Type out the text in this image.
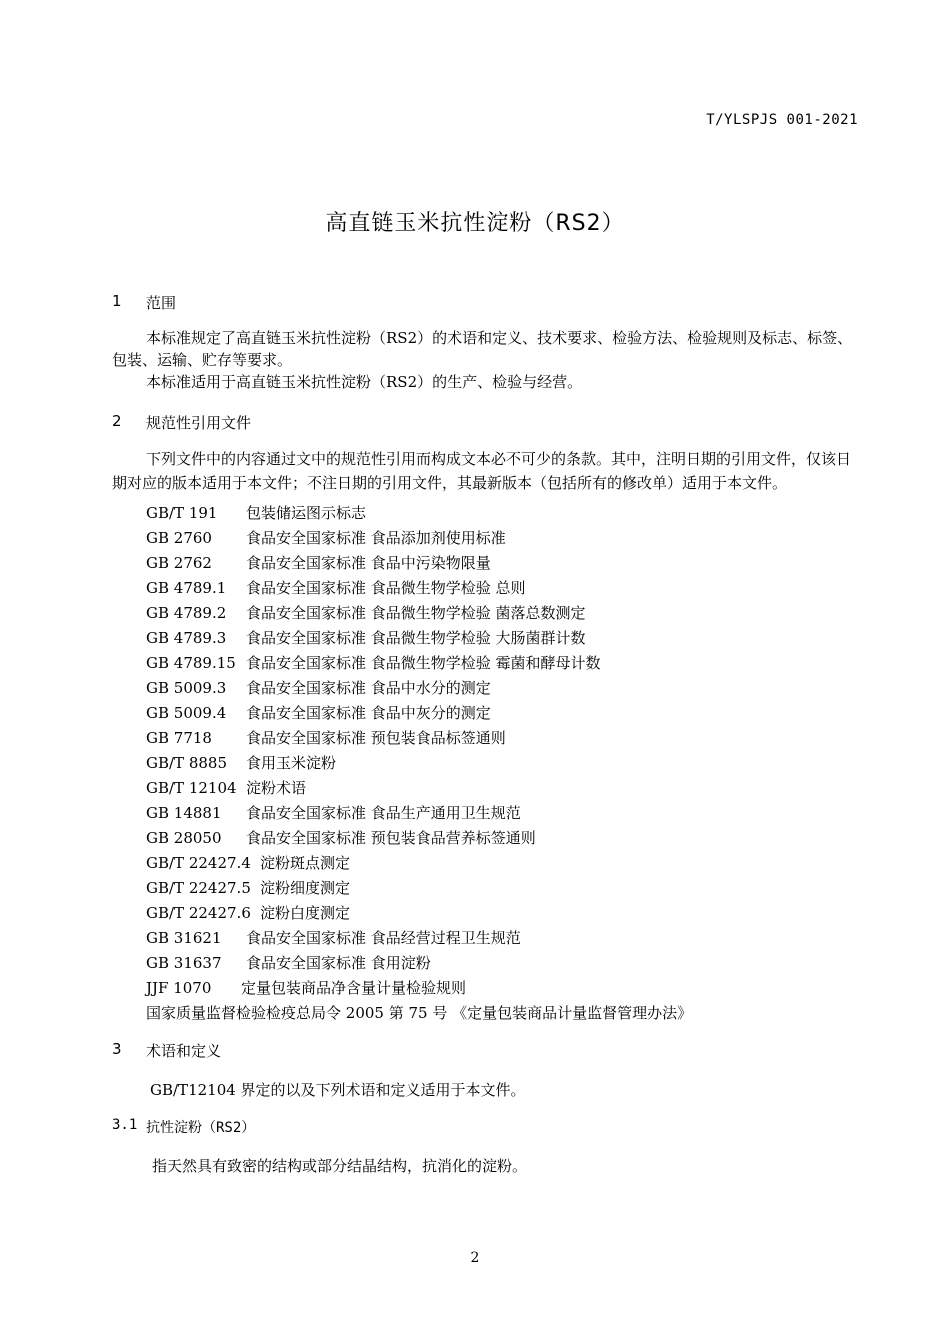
T/YLSPJS 001-2021
高直链玉米抗性淀粉（RS2）
1	范围

本标准规定了高直链玉米抗性淀粉（RS2）的术语和定义、技术要求、检验方法、检验规则及标志、标签、包装、运输、贮存等要求。

本标准适用于高直链玉米抗性淀粉（RS2）的生产、检验与经营。

2	规范性引用文件

下列文件中的内容通过文中的规范性引用而构成文本必不可少的条款。其中，注明日期的引用文件，仅该日期对应的版本适用于本文件；不注日期的引用文件，其最新版本（包括所有的修改单）适用于本文件。

GB/T 191	包装储运图示标志
GB 2760	食品安全国家标准 食品添加剂使用标准
GB 2762	食品安全国家标准 食品中污染物限量
GB 4789.1	食品安全国家标准 食品微生物学检验 总则
GB 4789.2	食品安全国家标准 食品微生物学检验 菌落总数测定
GB 4789.3	食品安全国家标准 食品微生物学检验 大肠菌群计数
GB 4789.15 食品安全国家标准 食品微生物学检验 霉菌和酵母计数
GB 5009.3	食品安全国家标准 食品中水分的测定
GB 5009.4	食品安全国家标准 食品中灰分的测定
GB 7718	食品安全国家标准 预包装食品标签通则
GB/T 8885	食用玉米淀粉
GB/T 12104 淀粉术语
GB 14881	食品安全国家标准 食品生产通用卫生规范
GB 28050	食品安全国家标准 预包装食品营养标签通则
GB/T 22427.4 淀粉斑点测定
GB/T 22427.5 淀粉细度测定
GB/T 22427.6 淀粉白度测定
GB 31621	食品安全国家标准 食品经营过程卫生规范
GB 31637	食品安全国家标准 食用淀粉
JJF 1070	定量包装商品净含量计量检验规则
国家质量监督检验检疫总局令 2005 第 75 号 《定量包装商品计量监督管理办法》
3	术语和定义

GB/T12104 界定的以及下列术语和定义适用于本文件。

3.1 抗性淀粉（RS2）

指天然具有致密的结构或部分结晶结构，抗消化的淀粉。

2
